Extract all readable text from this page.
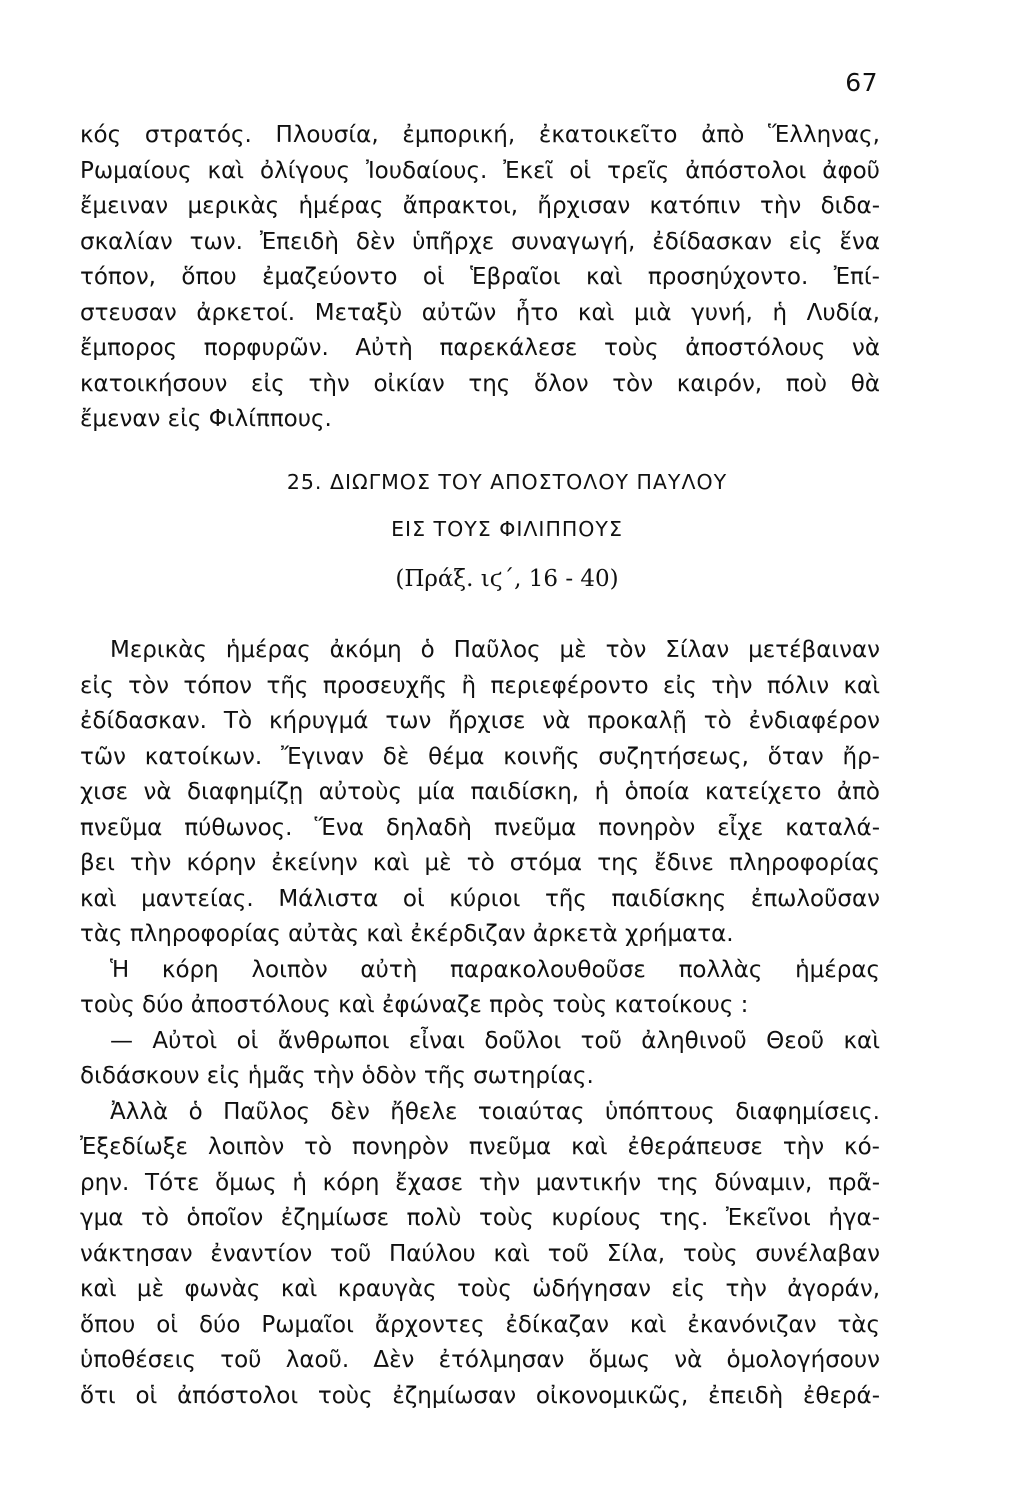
67
κός στρατός. Πλουσία, ἐμπορική, ἐκατοικεῖτο ἀπὸ Ἕλληνας,
Ρωμαίους καὶ ὀλίγους Ἰουδαίους. Ἐκεῖ οἱ τρεῖς ἀπόστολοι ἀφοῦ
ἔμειναν μερικὰς ἡμέρας ἄπρακτοι, ἤρχισαν κατόπιν τὴν διδα-
σκαλίαν των. Ἐπειδὴ δὲν ὑπῆρχε συναγωγή, ἐδίδασκαν εἰς ἕνα
τόπον, ὅπου ἐμαζεύοντο οἱ Ἑβραῖοι καὶ προσηύχοντο. Ἐπί-
στευσαν ἀρκετοί. Μεταξὺ αὐτῶν ἦτο καὶ μιὰ γυνή, ἡ Λυδία,
ἔμπορος πορφυρῶν. Αὐτὴ παρεκάλεσε τοὺς ἀποστόλους νὰ
κατοικήσουν εἰς τὴν οἰκίαν της ὅλον τὸν καιρόν, ποὺ θὰ
ἔμεναν εἰς Φιλίππους.
25. ΔΙΩΓΜΟΣ ΤΟΥ ΑΠΟΣΤΟΛΟΥ ΠΑΥΛΟΥ
ΕΙΣ ΤΟΥΣ ΦΙΛΙΠΠΟΥΣ
(Πράξ. ιϛ΄, 16 - 40)
Μερικὰς ἡμέρας ἀκόμη ὁ Παῦλος μὲ τὸν Σίλαν μετέβαιναν
εἰς τὸν τόπον τῆς προσευχῆς ἢ περιεφέροντο εἰς τὴν πόλιν καὶ
ἐδίδασκαν. Τὸ κήρυγμά των ἤρχισε νὰ προκαλῇ τὸ ἐνδιαφέρον
τῶν κατοίκων. Ἔγιναν δὲ θέμα κοινῆς συζητήσεως, ὅταν ἤρ-
χισε νὰ διαφημίζῃ αὐτοὺς μία παιδίσκη, ἡ ὁποία κατείχετο ἀπὸ
πνεῦμα πύθωνος. Ἕνα δηλαδὴ πνεῦμα πονηρὸν εἶχε καταλά-
βει τὴν κόρην ἐκείνην καὶ μὲ τὸ στόμα της ἔδινε πληροφορίας
καὶ μαντείας. Μάλιστα οἱ κύριοι τῆς παιδίσκης ἐπωλοῦσαν
τὰς πληροφορίας αὐτὰς καὶ ἐκέρδιζαν ἀρκετὰ χρήματα.
Ἡ κόρη λοιπὸν αὐτὴ παρακολουθοῦσε πολλὰς ἡμέρας
τοὺς δύο ἀποστόλους καὶ ἐφώναζε πρὸς τοὺς κατοίκους :
— Αὐτοὶ οἱ ἄνθρωποι εἶναι δοῦλοι τοῦ ἀληθινοῦ Θεοῦ καὶ
διδάσκουν εἰς ἡμᾶς τὴν ὁδὸν τῆς σωτηρίας.
Ἀλλὰ ὁ Παῦλος δὲν ἤθελε τοιαύτας ὑπόπτους διαφημίσεις.
Ἐξεδίωξε λοιπὸν τὸ πονηρὸν πνεῦμα καὶ ἐθεράπευσε τὴν κό-
ρην. Τότε ὅμως ἡ κόρη ἔχασε τὴν μαντικήν της δύναμιν, πρᾶ-
γμα τὸ ὁποῖον ἐζημίωσε πολὺ τοὺς κυρίους της. Ἐκεῖνοι ἠγα-
νάκτησαν ἐναντίον τοῦ Παύλου καὶ τοῦ Σίλα, τοὺς συνέλαβαν
καὶ μὲ φωνὰς καὶ κραυγὰς τοὺς ὡδήγησαν εἰς τὴν ἀγοράν,
ὅπου οἱ δύο Ρωμαῖοι ἄρχοντες ἐδίκαζαν καὶ ἐκανόνιζαν τὰς
ὑποθέσεις τοῦ λαοῦ. Δὲν ἐτόλμησαν ὅμως νὰ ὁμολογήσουν
ὅτι οἱ ἀπόστολοι τοὺς ἐζημίωσαν οἰκονομικῶς, ἐπειδὴ ἐθερά-
